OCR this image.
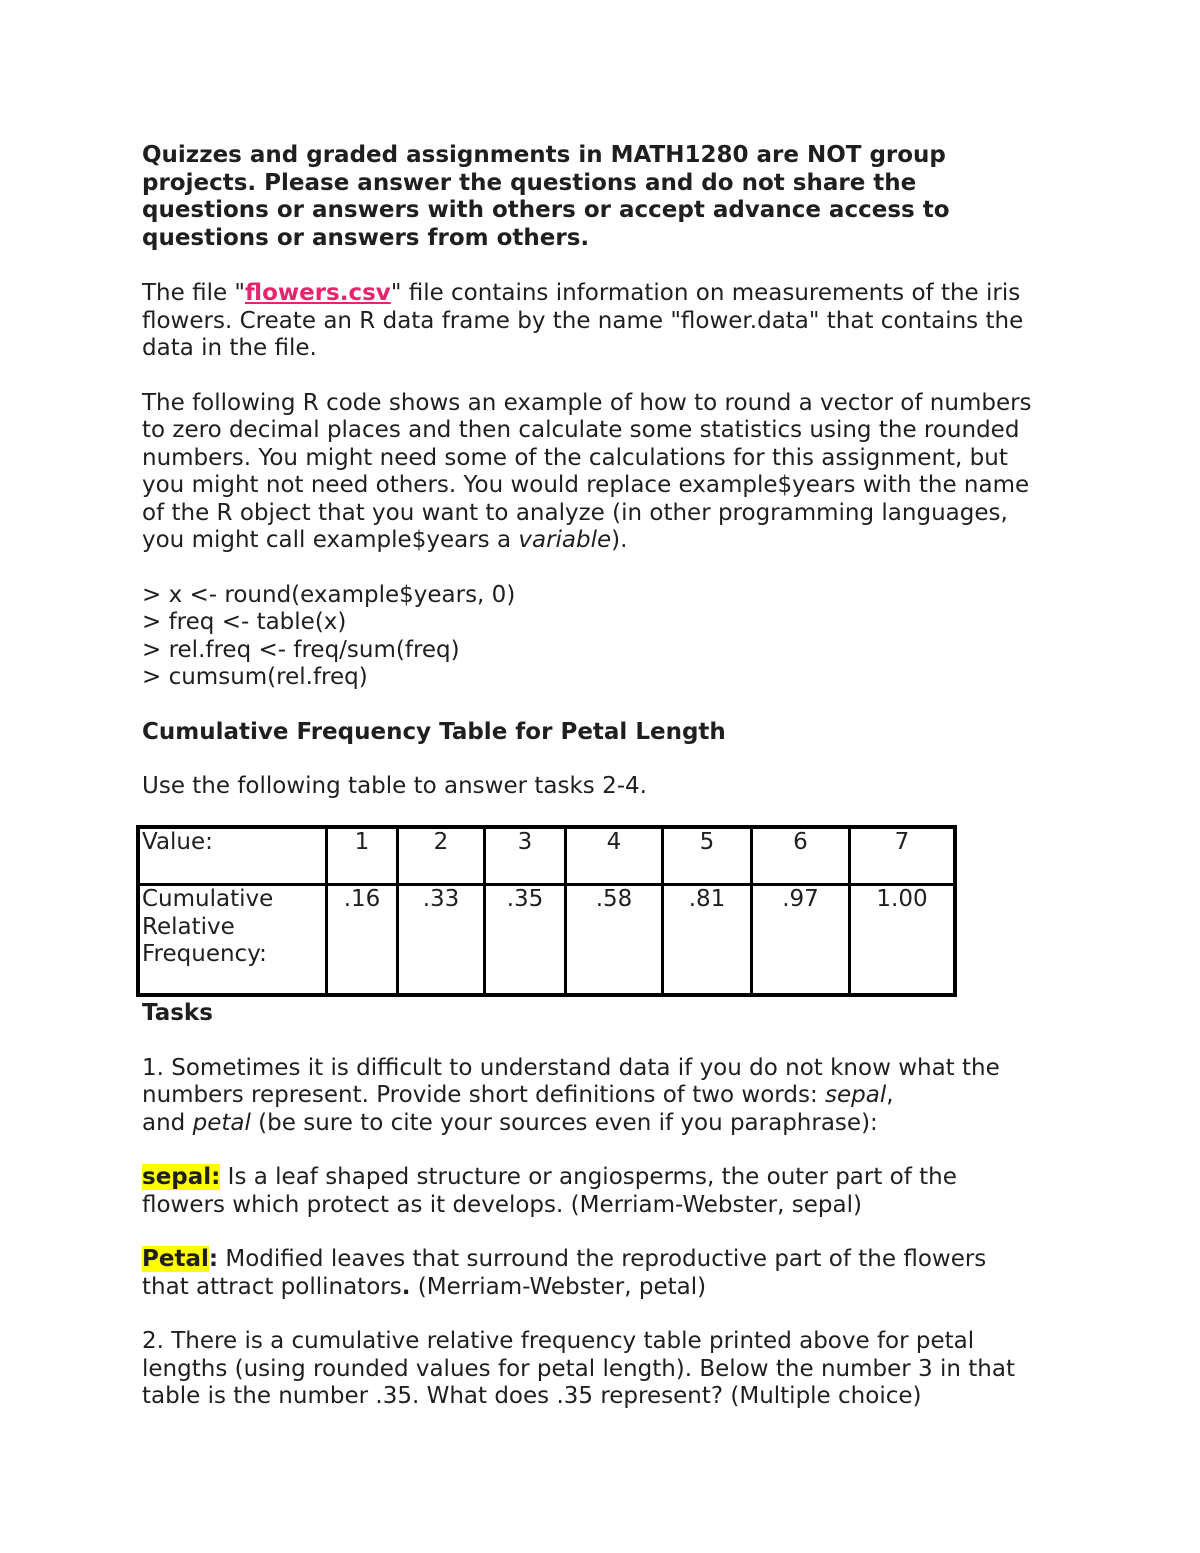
Quizzes and graded assignments in MATH1280 are NOT group

projects. Please answer the questions and do not share the

questions or answers with others or accept advance access to

questions or answers from others.

The file "flowers.csv" file contains information on measurements of the iris

flowers. Create an R data frame by the name "flower.data" that contains the

data in the file.

The following R code shows an example of how to round a vector of numbers

to zero decimal places and then calculate some statistics using the rounded

numbers. You might need some of the calculations for this assignment, but

you might not need others. You would replace example$years with the name

of the R object that you want to analyze (in other programming languages,

you might call example$years a variable).

> x <- round(example$years, 0)

> freq <- table(x)

> rel.freq <- freq/sum(freq)

> cumsum(rel.freq)

Cumulative Frequency Table for Petal Length

Use the following table to answer tasks 2-4.

Value:	1	2	3	4	5	6	7

Cumulative
Relative
Frequency:	.16	.33	.35	.58	.81	.97	1.00

Tasks

1. Sometimes it is difficult to understand data if you do not know what the

numbers represent. Provide short definitions of two words: sepal,

and petal (be sure to cite your sources even if you paraphrase):

sepal: Is a leaf shaped structure or angiosperms, the outer part of the

flowers which protect as it develops. (Merriam-Webster, sepal)

Petal: Modified leaves that surround the reproductive part of the flowers

that attract pollinators. (Merriam-Webster, petal)

2. There is a cumulative relative frequency table printed above for petal

lengths (using rounded values for petal length). Below the number 3 in that

table is the number .35. What does .35 represent? (Multiple choice)
